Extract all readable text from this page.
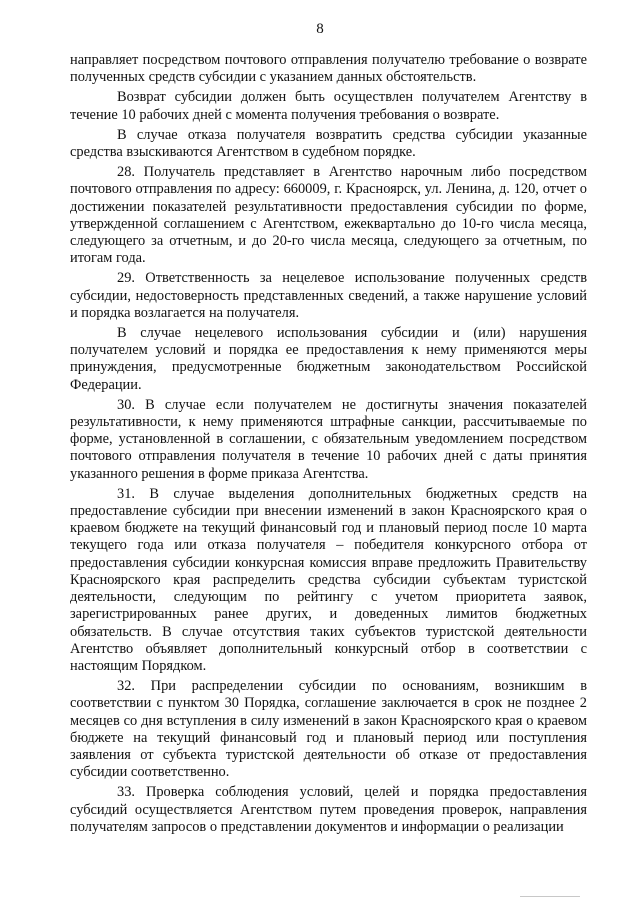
8

направляет посредством почтового отправления получателю требование о возврате полученных средств субсидии с указанием данных обстоятельств.

Возврат субсидии должен быть осуществлен получателем Агентству в течение 10 рабочих дней с момента получения требования о возврате.

В случае отказа получателя возвратить средства субсидии указанные средства взыскиваются Агентством в судебном порядке.

28. Получатель представляет в Агентство нарочным либо посредством почтового отправления по адресу: 660009, г. Красноярск, ул. Ленина, д. 120, отчет о достижении показателей результативности предоставления субсидии по форме, утвержденной соглашением с Агентством, ежеквартально до 10-го числа месяца, следующего за отчетным, и до 20-го числа месяца, следующего за отчетным, по итогам года.

29. Ответственность за нецелевое использование полученных средств субсидии, недостоверность представленных сведений, а также нарушение условий и порядка возлагается на получателя.

В случае нецелевого использования субсидии и (или) нарушения получателем условий и порядка ее предоставления к нему применяются меры принуждения, предусмотренные бюджетным законодательством Российской Федерации.

30. В случае если получателем не достигнуты значения показателей результативности, к нему применяются штрафные санкции, рассчитываемые по форме, установленной в соглашении, с обязательным уведомлением посредством почтового отправления получателя в течение 10 рабочих дней с даты принятия указанного решения в форме приказа Агентства.

31. В случае выделения дополнительных бюджетных средств на предоставление субсидии при внесении изменений в закон Красноярского края о краевом бюджете на текущий финансовый год и плановый период после 10 марта текущего года или отказа получателя – победителя конкурсного отбора от предоставления субсидии конкурсная комиссия вправе предложить Правительству Красноярского края распределить средства субсидии субъектам туристской деятельности, следующим по рейтингу с учетом приоритета заявок, зарегистрированных ранее других, и доведенных лимитов бюджетных обязательств. В случае отсутствия таких субъектов туристской деятельности Агентство объявляет дополнительный конкурсный отбор в соответствии с настоящим Порядком.

32. При распределении субсидии по основаниям, возникшим в соответствии с пунктом 30 Порядка, соглашение заключается в срок не позднее 2 месяцев со дня вступления в силу изменений в закон Красноярского края о краевом бюджете на текущий финансовый год и плановый период или поступления заявления от субъекта туристской деятельности об отказе от предоставления субсидии соответственно.

33. Проверка соблюдения условий, целей и порядка предоставления субсидий осуществляется Агентством путем проведения проверок, направления получателям запросов о представлении документов и информации о реализации
